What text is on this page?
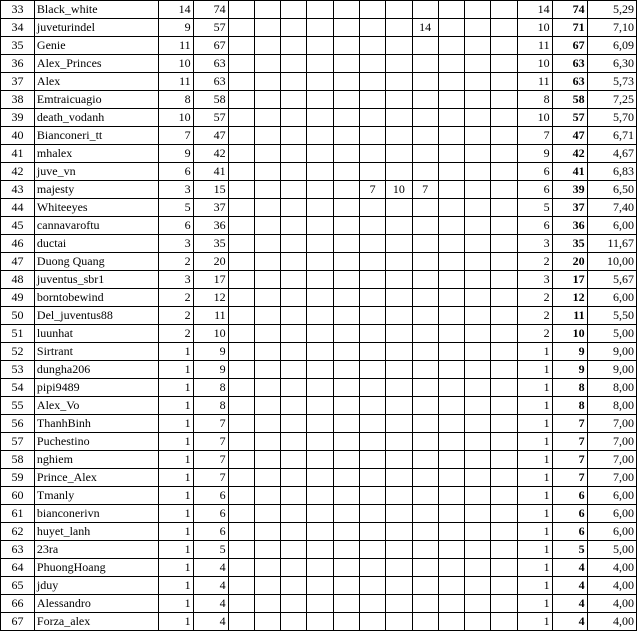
33	Black_white	14	74												14	74	5,29
34	juveturindel	9	57								14				10	71	7,10
35	Genie	11	67												11	67	6,09
36	Alex_Princes	10	63												10	63	6,30
37	Alex	11	63												11	63	5,73
38	Emtraicuagio	8	58												8	58	7,25
39	death_vodanh	10	57												10	57	5,70
40	Bianconeri_tt	7	47												7	47	6,71
41	mhalex	9	42												9	42	4,67
42	juve_vn	6	41												6	41	6,83
43	majesty	3	15						7	10	7				6	39	6,50
44	Whiteeyes	5	37												5	37	7,40
45	cannavaroftu	6	36												6	36	6,00
46	ductai	3	35												3	35	11,67
47	Duong Quang	2	20												2	20	10,00
48	juventus_sbr1	3	17												3	17	5,67
49	borntobewind	2	12												2	12	6,00
50	Del_juventus88	2	11												2	11	5,50
51	luunhat	2	10												2	10	5,00
52	Sirtrant	1	9												1	9	9,00
53	dungha206	1	9												1	9	9,00
54	pipi9489	1	8												1	8	8,00
55	Alex_Vo	1	8												1	8	8,00
56	ThanhBinh	1	7												1	7	7,00
57	Puchestino	1	7												1	7	7,00
58	nghiem	1	7												1	7	7,00
59	Prince_Alex	1	7												1	7	7,00
60	Tmanly	1	6												1	6	6,00
61	bianconerivn	1	6												1	6	6,00
62	huyet_lanh	1	6												1	6	6,00
63	23ra	1	5												1	5	5,00
64	PhuongHoang	1	4												1	4	4,00
65	jduy	1	4												1	4	4,00
66	Alessandro	1	4												1	4	4,00
67	Forza_alex	1	4												1	4	4,00
